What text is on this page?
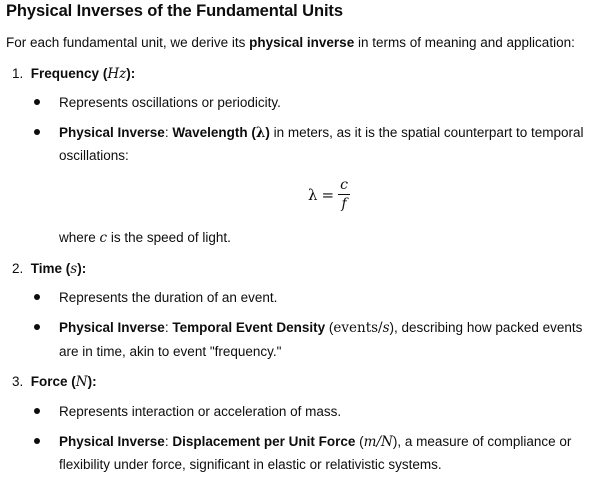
Physical Inverses of the Fundamental Units
For each fundamental unit, we derive its physical inverse in terms of meaning and application:
1. Frequency (Hz):
Represents oscillations or periodicity.
Physical Inverse: Wavelength (λ) in meters, as it is the spatial counterpart to temporal
oscillations:
$\lambda = \frac{c}{f}$
where c is the speed of light.
2. Time (s):
Represents the duration of an event.
Physical Inverse: Temporal Event Density (events/s), describing how packed events
are in time, akin to event "frequency."
3. Force (N):
Represents interaction or acceleration of mass.
Physical Inverse: Displacement per Unit Force (m/N), a measure of compliance or
flexibility under force, significant in elastic or relativistic systems.
